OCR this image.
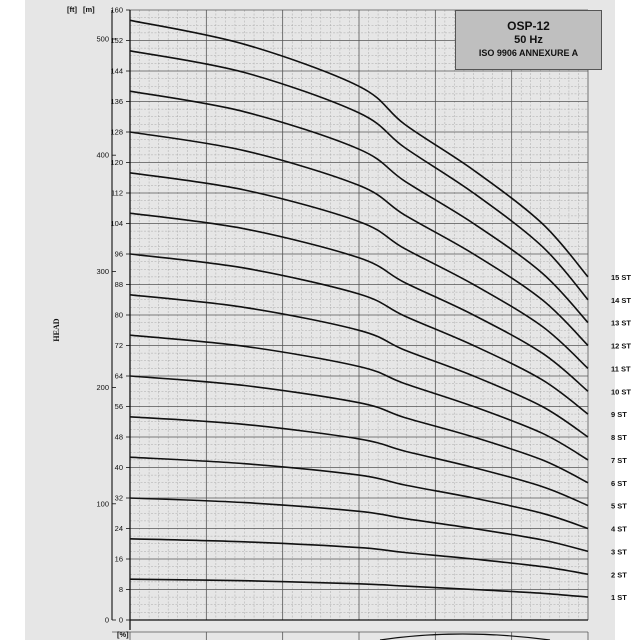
0
8
16
24
32
40
48
56
64
72
80
88
96
104
112
120
128
136
144
152
160
0
100
200
300
400
500
1 ST
2 ST
3 ST
4 ST
5 ST
6 ST
7 ST
8 ST
9 ST
10 ST
11 ST
12 ST
13 ST
14 ST
15 ST
[m]
[ft]
[%]
HEAD
OSP-12
50 Hz
ISO 9906 ANNEXURE A
